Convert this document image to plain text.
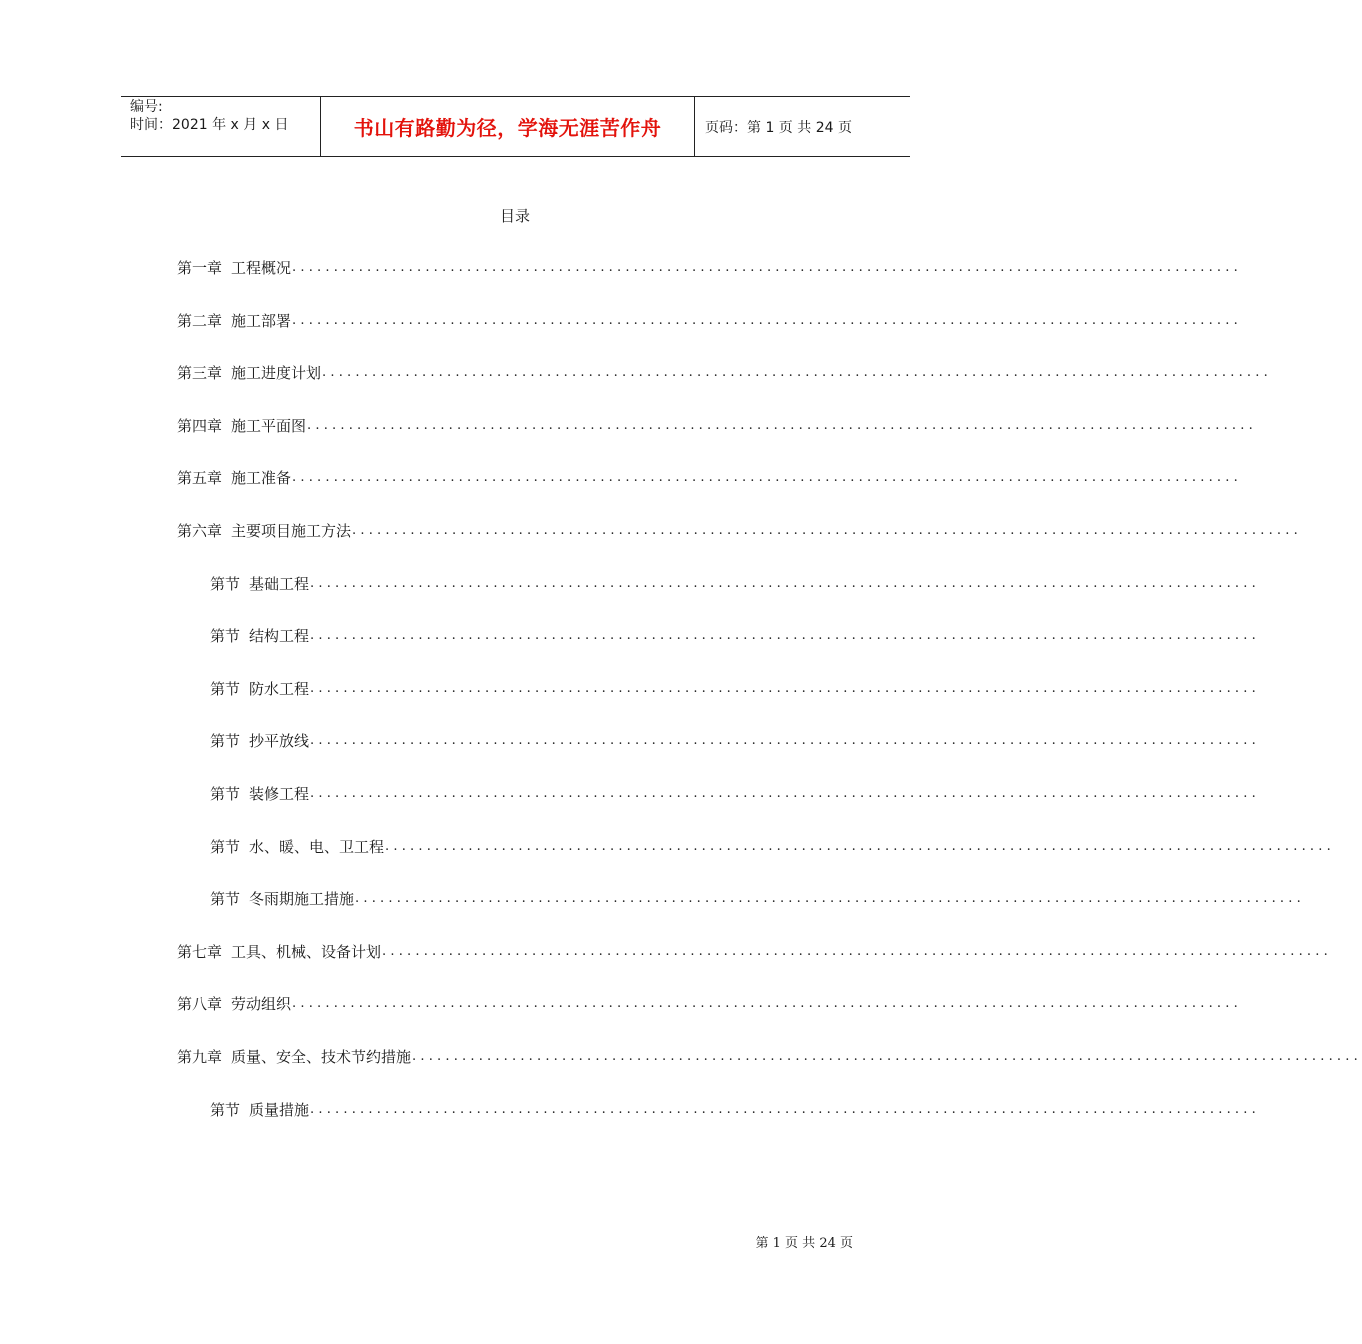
编号:
时间：2021 年 x 月 x 日	书山有路勤为径，学海无涯苦作舟	页码：第 1 页 共 24 页
目录
第一章 工程概况 ..................................................................................................................
第二章 施工部署 ..................................................................................................................
第三章 施工进度计划 ..................................................................................................................
第四章 施工平面图 ..................................................................................................................
第五章 施工准备 ..................................................................................................................
第六章 主要项目施工方法 ..................................................................................................................
第节 基础工程 ..................................................................................................................
第节 结构工程 ..................................................................................................................
第节 防水工程 ..................................................................................................................
第节 抄平放线 ..................................................................................................................
第节 装修工程 ..................................................................................................................
第节 水、暖、电、卫工程 ..................................................................................................................
第节 冬雨期施工措施 ..................................................................................................................
第七章 工具、机械、设备计划 ..................................................................................................................
第八章 劳动组织 ..................................................................................................................
第九章 质量、安全、技术节约措施 ..................................................................................................................
第节 质量措施 ..................................................................................................................
第 1 页 共 24 页
